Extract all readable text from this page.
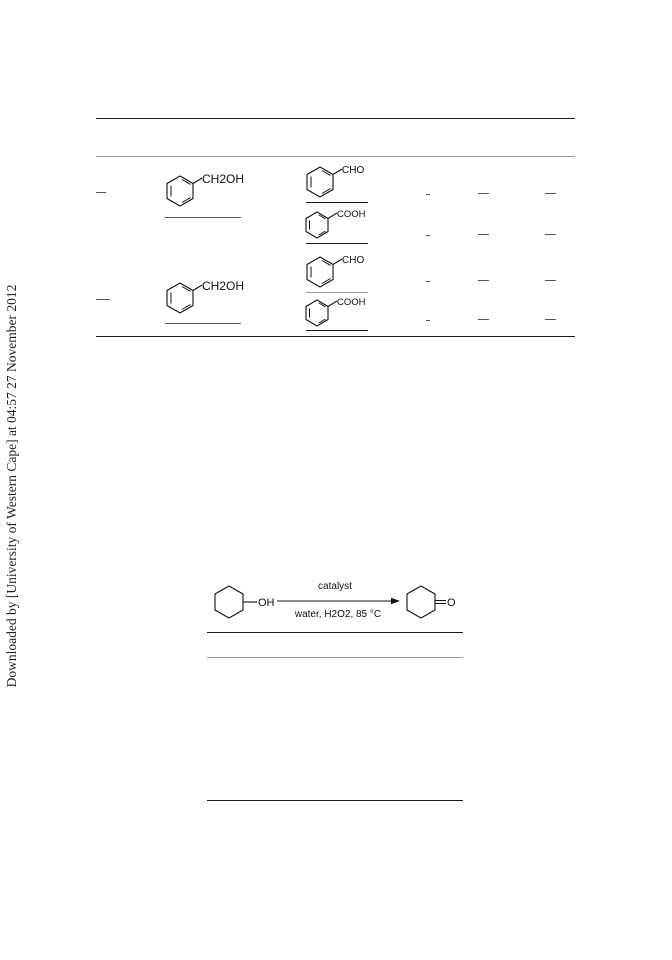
Downloaded by [University of Western Cape] at 04:57 27 November 2012
CH2OH
CHO
COOH
CH2OH
CHO
COOH
OH
catalyst
water, H2O2, 85 °C
O
